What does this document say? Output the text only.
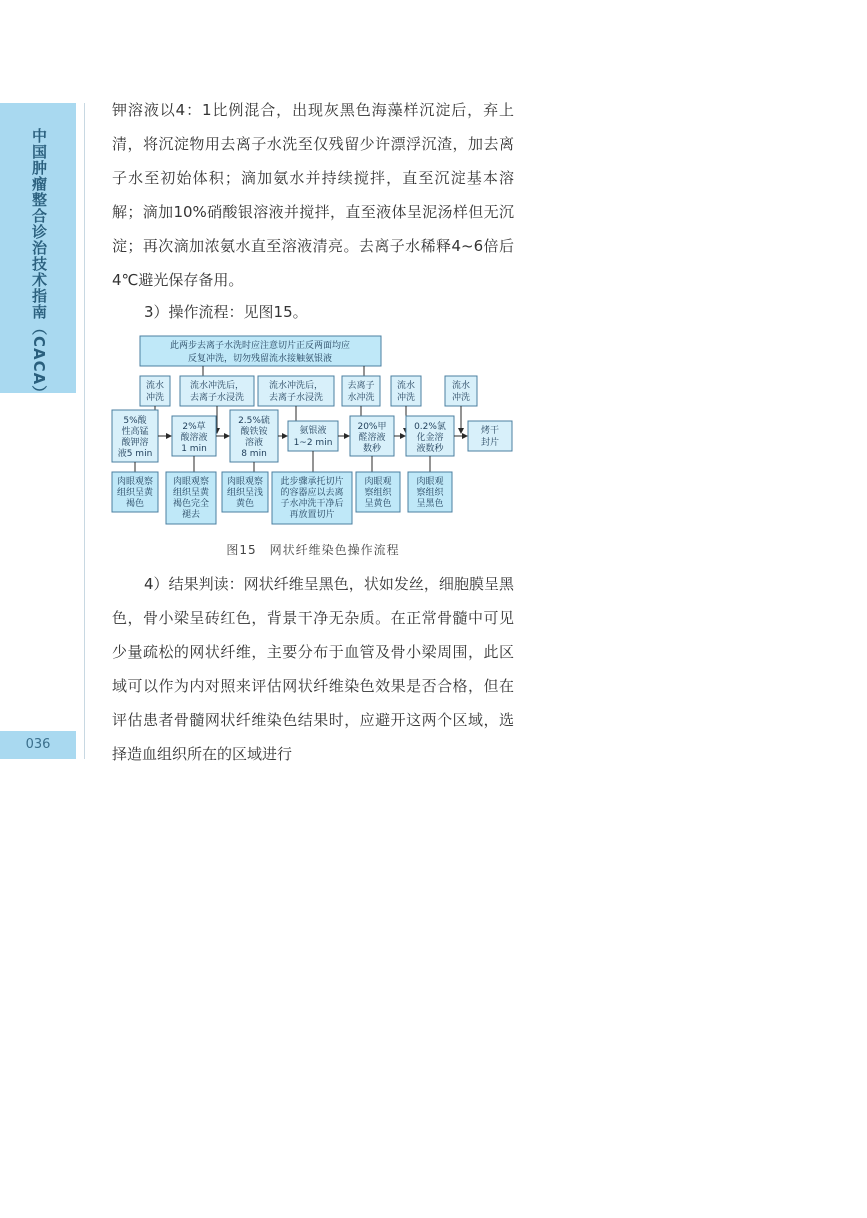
中国肿瘤整合诊治技术指南（CACA）
036

钾溶液以4：1比例混合，出现灰黑色海藻样沉淀后，弃上清，将沉淀物用去离子水洗至仅残留少许漂浮沉渣，加去离子水至初始体积；滴加氨水并持续搅拌，直至沉淀基本溶解；滴加10%硝酸银溶液并搅拌，直至液体呈泥汤样但无沉淀；再次滴加浓氨水直至溶液清亮。去离子水稀释4~6倍后4℃避光保存备用。

3）操作流程：见图15。

此两步去离子水洗时应注意切片正反两面均应
反复冲洗，切勿残留流水接触氨银液
流水
冲洗
流水冲洗后，
去离子水浸洗
流水冲洗后，
去离子水浸洗
去离子
水冲洗
流水
冲洗
流水
冲洗
5%酸
性高锰
酸钾溶
液5 min
2%草
酸溶液
1 min
2.5%硫
酸铁铵
溶液
8 min
氨银液
1~2 min
20%甲
醛溶液
数秒
0.2%氯
化金溶
液数秒
烤干
封片
肉眼观察
组织呈黄
褐色
肉眼观察
组织呈黄
褐色完全
褪去
肉眼观察
组织呈浅
黄色
此步骤承托切片
的容器应以去离
子水冲洗干净后
再放置切片
肉眼观
察组织
呈黄色
肉眼观
察组织
呈黑色
图15　网状纤维染色操作流程

4）结果判读：网状纤维呈黑色，状如发丝，细胞膜呈黑色，骨小梁呈砖红色，背景干净无杂质。在正常骨髓中可见少量疏松的网状纤维，主要分布于血管及骨小梁周围，此区域可以作为内对照来评估网状纤维染色效果是否合格，但在评估患者骨髓网状纤维染色结果时，应避开这两个区域，选择造血组织所在的区域进行
